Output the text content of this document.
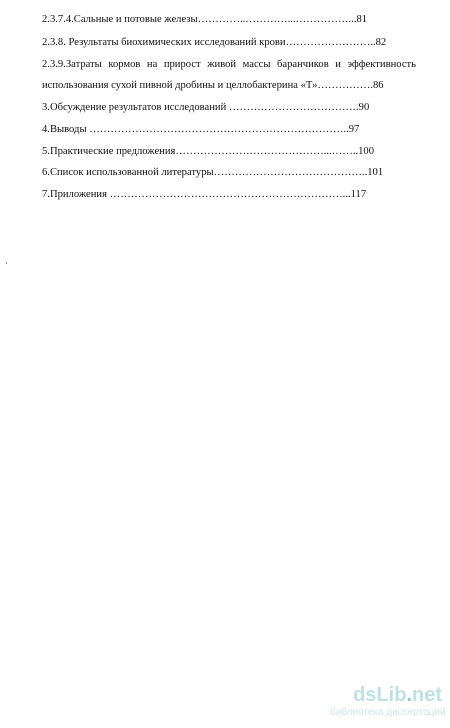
2.3.7.4.Сальные и потовые железы…………..…………...……………...81
2.3.8. Результаты биохимических исследований крови……………………..82
2.3.9.Затраты кормов на прирост живой массы баранчиков и эффективность
использования сухой пивной дробины и целлобактерина «Т»…………….86
3.Обсуждение результатов исследований ……………………………….90
4.Выводы ………………………………………………………………..97
5.Практические предложения……………………………………...……..100
6.Список использованной литературы……………………………………..101
7.Приложения …………………………………………………………...117
dsLib.net
библиотека диссертаций
